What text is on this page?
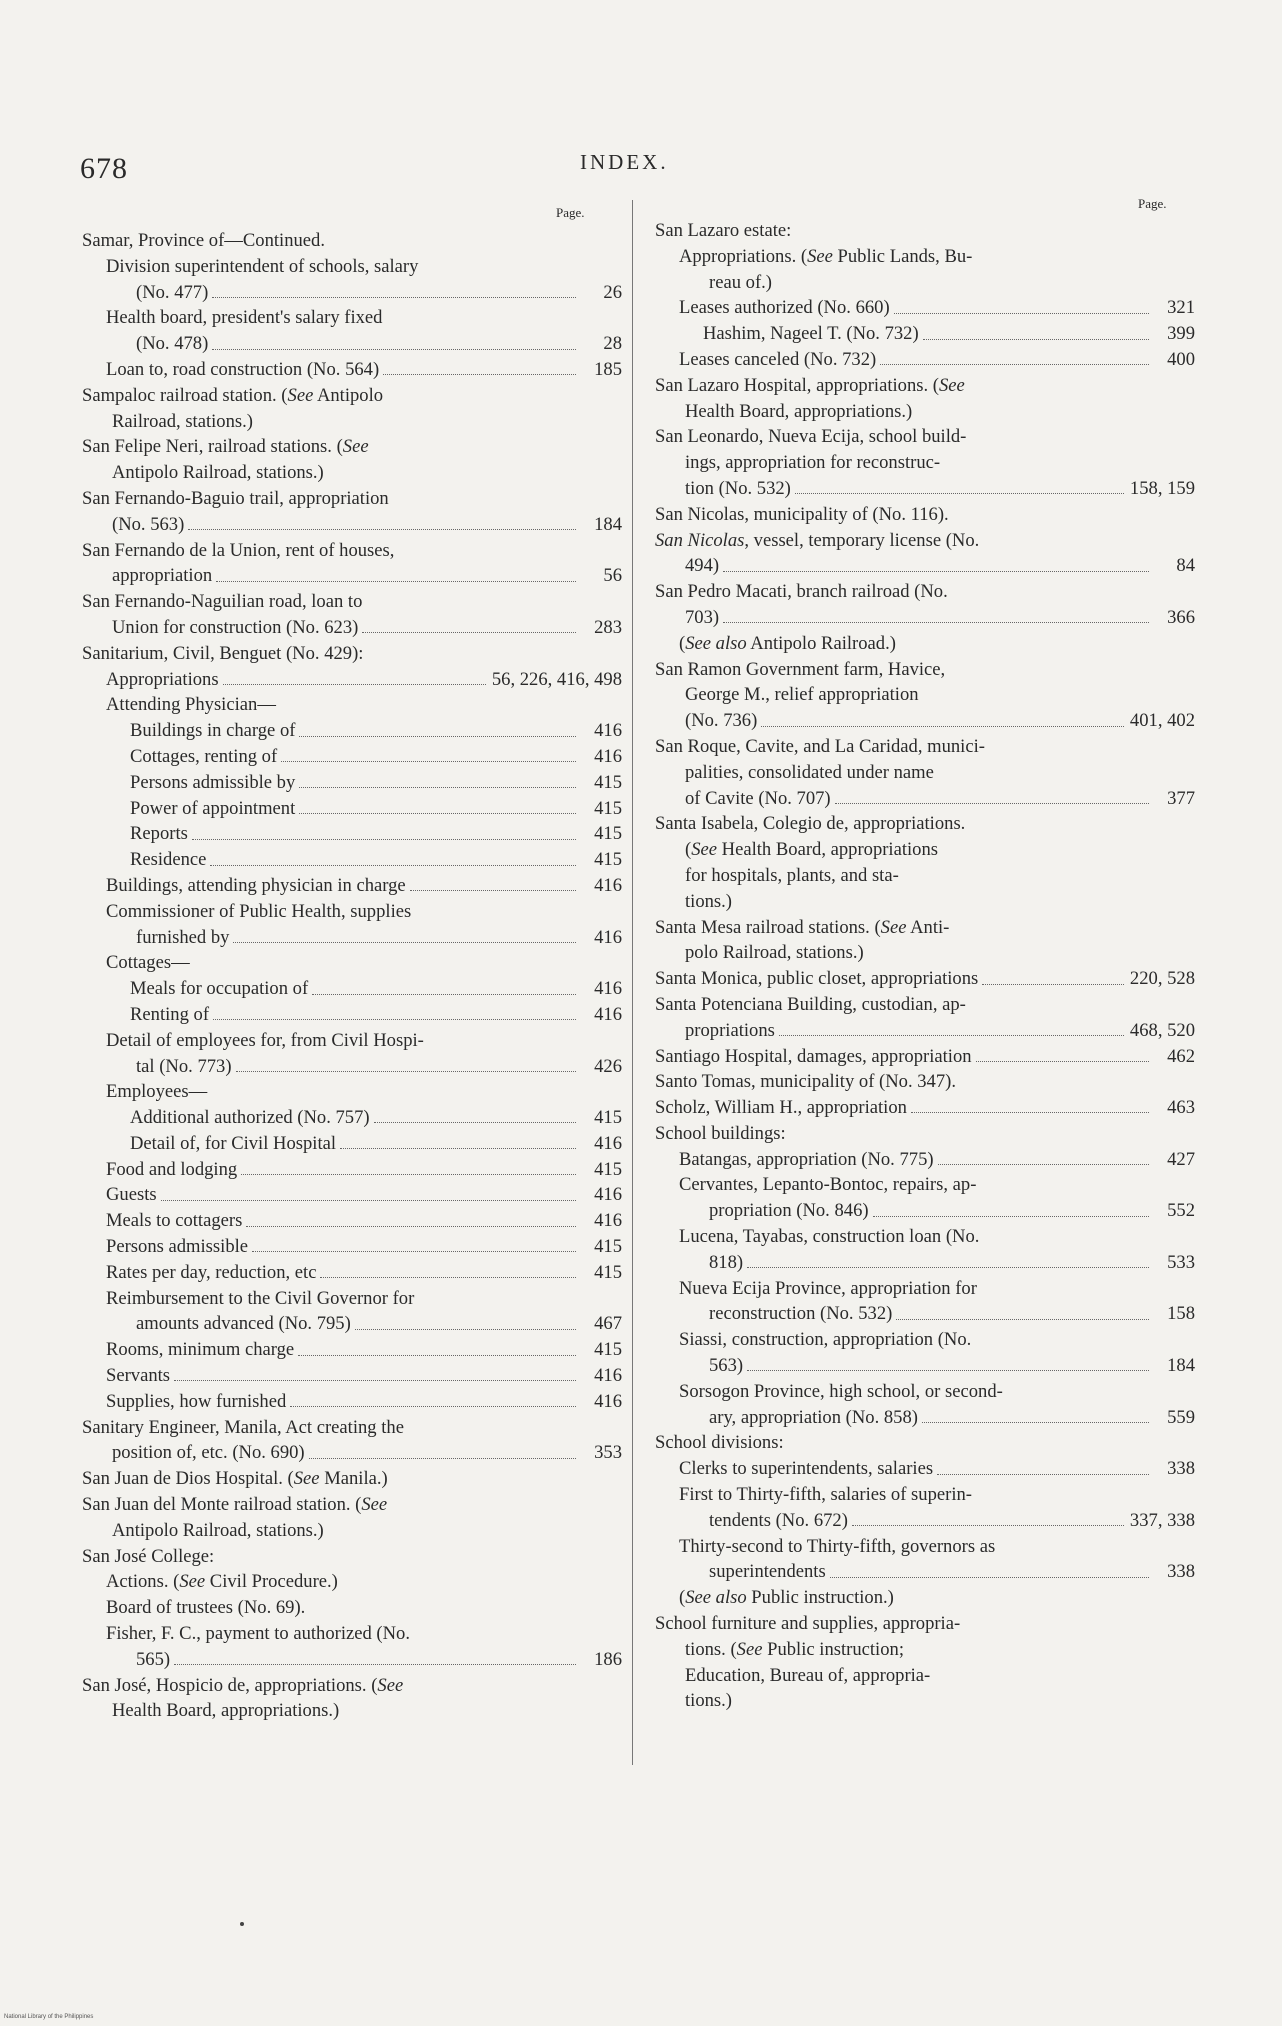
678	INDEX.
Page.
Page.
Samar, Province of—Continued.
Division superintendent of schools, salary
(No. 477)	26
Health board, president's salary fixed
(No. 478)	28
Loan to, road construction (No. 564)	185
Sampaloc railroad station. (See Antipolo
Railroad, stations.)
San Felipe Neri, railroad stations. (See
Antipolo Railroad, stations.)
San Fernando-Baguio trail, appropriation
(No. 563)	184
San Fernando de la Union, rent of houses,
appropriation	56
San Fernando-Naguilian road, loan to
Union for construction (No. 623)	283
Sanitarium, Civil, Benguet (No. 429):
Appropriations	56, 226, 416, 498
Attending Physician—
Buildings in charge of	416
Cottages, renting of	416
Persons admissible by	415
Power of appointment	415
Reports	415
Residence	415
Buildings, attending physician in charge	416
Commissioner of Public Health, supplies
furnished by	416
Cottages—
Meals for occupation of	416
Renting of	416
Detail of employees for, from Civil Hospi-
tal (No. 773)	426
Employees—
Additional authorized (No. 757)	415
Detail of, for Civil Hospital	416
Food and lodging	415
Guests	416
Meals to cottagers	416
Persons admissible	415
Rates per day, reduction, etc	415
Reimbursement to the Civil Governor for
amounts advanced (No. 795)	467
Rooms, minimum charge	415
Servants	416
Supplies, how furnished	416
Sanitary Engineer, Manila, Act creating the
position of, etc. (No. 690)	353
San Juan de Dios Hospital. (See Manila.)
San Juan del Monte railroad station. (See
Antipolo Railroad, stations.)
San José College:
Actions. (See Civil Procedure.)
Board of trustees (No. 69).
Fisher, F. C., payment to authorized (No.
565)	186
San José, Hospicio de, appropriations. (See
Health Board, appropriations.)
San Lazaro estate:
Appropriations. (See Public Lands, Bu-
reau of.)
Leases authorized (No. 660)	321
Hashim, Nageel T. (No. 732)	399
Leases canceled (No. 732)	400
San Lazaro Hospital, appropriations. (See
Health Board, appropriations.)
San Leonardo, Nueva Ecija, school build-
ings, appropriation for reconstruc-
tion (No. 532)	158, 159
San Nicolas, municipality of (No. 116).
San Nicolas, vessel, temporary license (No.
494)	84
San Pedro Macati, branch railroad (No.
703)	366
(See also Antipolo Railroad.)
San Ramon Government farm, Havice,
George M., relief appropriation
(No. 736)	401, 402
San Roque, Cavite, and La Caridad, munici-
palities, consolidated under name
of Cavite (No. 707)	377
Santa Isabela, Colegio de, appropriations.
(See Health Board, appropriations
for hospitals, plants, and sta-
tions.)
Santa Mesa railroad stations. (See Anti-
polo Railroad, stations.)
Santa Monica, public closet, appropriations	220, 528
Santa Potenciana Building, custodian, ap-
propriations	468, 520
Santiago Hospital, damages, appropriation	462
Santo Tomas, municipality of (No. 347).
Scholz, William H., appropriation	463
School buildings:
Batangas, appropriation (No. 775)	427
Cervantes, Lepanto-Bontoc, repairs, ap-
propriation (No. 846)	552
Lucena, Tayabas, construction loan (No.
818)	533
Nueva Ecija Province, appropriation for
reconstruction (No. 532)	158
Siassi, construction, appropriation (No.
563)	184
Sorsogon Province, high school, or second-
ary, appropriation (No. 858)	559
School divisions:
Clerks to superintendents, salaries	338
First to Thirty-fifth, salaries of superin-
tendents (No. 672)	337, 338
Thirty-second to Thirty-fifth, governors as
superintendents	338
(See also Public instruction.)
School furniture and supplies, appropria-
tions. (See Public instruction;
Education, Bureau of, appropria-
tions.)
National Library of the Philippines
